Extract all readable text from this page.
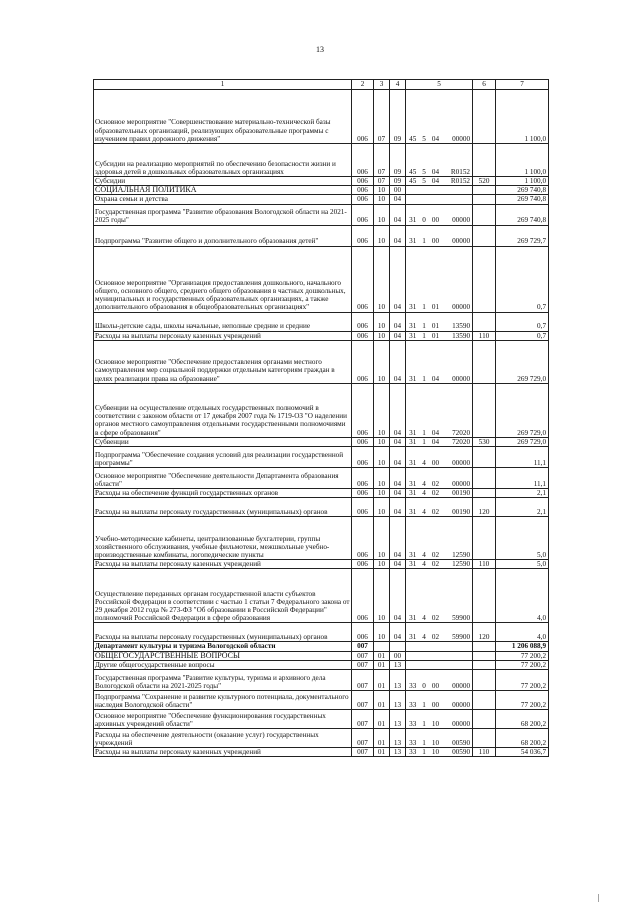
13
1	2	3	4	5				6	7
Основное мероприятие "Совершенствование материально-технической базы образовательных организаций, реализующих образовательные программы с изучением правил дорожного движения"	006	07	09	45	5	04	00000		1 100,0
Субсидии на реализацию мероприятий по обеспечению безопасности жизни и здоровья детей в дошкольных образовательных организациях	006	07	09	45	5	04	R0152		1 100,0
Субсидии	006	07	09	45	5	04	R0152	520	1 100,0
СОЦИАЛЬНАЯ ПОЛИТИКА	006	10	00						269 740,8
Охрана семьи и детства	006	10	04						269 740,8
Государственная программа "Развитие образования Вологодской области на 2021-2025 годы"	006	10	04	31	0	00	00000		269 740,8
Подпрограмма "Развитие общего и дополнительного образования детей"	006	10	04	31	1	00	00000		269 729,7
Основное мероприятие "Организация предоставления дошкольного, начального общего, основного общего, среднего общего образования в частных дошкольных, муниципальных и государственных образовательных организациях, а также дополнительного образования в общеобразовательных организациях"	006	10	04	31	1	01	00000		0,7
Школы-детские сады, школы начальные, неполные средние и средние	006	10	04	31	1	01	13590		0,7
Расходы на выплаты персоналу казенных учреждений	006	10	04	31	1	01	13590	110	0,7
Основное мероприятие "Обеспечение предоставления органами местного самоуправления мер социальной поддержки отдельным категориям граждан в целях реализации права на образование"	006	10	04	31	1	04	00000		269 729,0
Субвенции на осуществление отдельных государственных полномочий в соответствии с законом области от 17 декабря 2007 года № 1719-ОЗ "О наделении органов местного самоуправления отдельными государственными полномочиями в сфере образования"	006	10	04	31	1	04	72020		269 729,0
Субвенции	006	10	04	31	1	04	72020	530	269 729,0
Подпрограмма "Обеспечение создания условий для реализации государственной программы"	006	10	04	31	4	00	00000		11,1
Основное мероприятие "Обеспечение деятельности Департамента образования области"	006	10	04	31	4	02	00000		11,1
Расходы на обеспечение функций государственных органов	006	10	04	31	4	02	00190		2,1
Расходы на выплаты персоналу государственных (муниципальных) органов	006	10	04	31	4	02	00190	120	2,1
Учебно-методические кабинеты, централизованные бухгалтерии, группы хозяйственного обслуживания, учебные фильмотеки, межшкольные учебно-производственные комбинаты, логопедические пункты	006	10	04	31	4	02	12590		5,0
Расходы на выплаты персоналу казенных учреждений	006	10	04	31	4	02	12590	110	5,0
Осуществление переданных органам государственной власти субъектов Российской Федерации в соответствии с частью 1 статьи 7 Федерального закона от 29 декабря 2012 года № 273-ФЗ "Об образовании в Российской Федерации" полномочий Российской Федерации в сфере образования	006	10	04	31	4	02	59900		4,0
Расходы на выплаты персоналу государственных (муниципальных) органов	006	10	04	31	4	02	59900	120	4,0
Департамент культуры и туризма Вологодской области	007								1 206 088,9
ОБЩЕГОСУДАРСТВЕННЫЕ ВОПРОСЫ	007	01	00						77 200,2
Другие общегосударственные вопросы	007	01	13						77 200,2
Государственная программа "Развитие культуры, туризма и архивного дела Вологодской области на 2021-2025 годы"	007	01	13	33	0	00	00000		77 200,2
Подпрограмма "Сохранение и развитие культурного потенциала, документального наследия Вологодской области"	007	01	13	33	1	00	00000		77 200,2
Основное мероприятие "Обеспечение функционирования государственных архивных учреждений области"	007	01	13	33	1	10	00000		68 200,2
Расходы на обеспечение деятельности (оказание услуг) государственных учреждений	007	01	13	33	1	10	00590		68 200,2
Расходы на выплаты персоналу казенных учреждений	007	01	13	33	1	10	00590	110	54 036,7
|
